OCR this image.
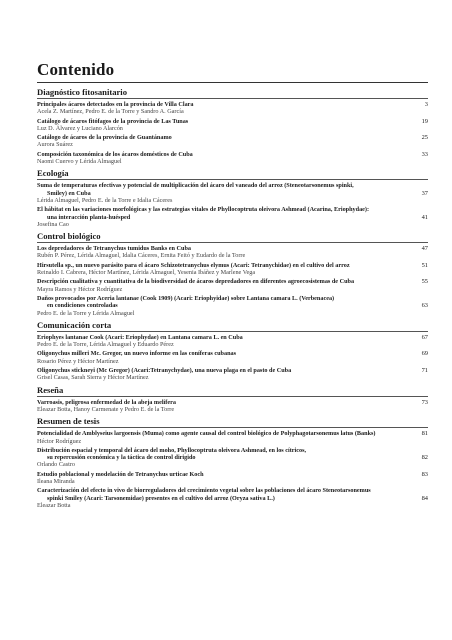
Contenido
Diagnóstico fitosanitario
Principales ácaros detectados en la provincia de Villa Clara
Acela Z. Martínez, Pedro E. de la Torre y Sandro A. García
3
Catálogo de ácaros fitófagos de la provincia de Las Tunas
Luz D. Álvarez y Luciano Alarcón
19
Catálogo de ácaros de la provincia de Guantánamo
Aurora Suárez
25
Composición taxonómica de los ácaros domésticos de Cuba
Naomi Cuervo y Lérida Almaguel
33
Ecología
Suma de temperaturas efectivas y potencial de multiplicación del ácaro del vaneado del arroz (Steneotarsonemus spinki,
Smiley) en Cuba
Lérida Almaguel, Pedro E. de la Torre e Idalia Cáceres
37
El hábitat en las variaciones morfológicas y las estrategias vitales de Phyllocoptruta oleivora Ashmead (Acarina, Eriophydae):
una interacción planta-huésped
Josefina Cao
41
Control biológico
Los depredadores de Tetranychus tumidus Banks en Cuba
Rubén P. Pérez, Lérida Almaguel, Idalia Cáceres, Ernita Feitó y Eudardo de la Torre
47
Hirsutella sp., un nuevo parásito para el ácaro Schizotetranychus elymus (Acari: Tetranychidae) en el cultivo del arroz
Reinaldo I. Cabrera, Héctor Martínez, Lérida Almaguel, Yesenia Ibáñez y Marlene Vega
51
Descripción cualitativa y cuantitativa de la biodiversidad de ácaros depredadores en diferentes agroecosistemas de Cuba
Mayra Ramos y Héctor Rodríguez
55
Daños provocados por Aceria lantanae (Cook 1909) (Acari: Eriophyidae) sobre Lantana camara L. (Verbenacea)
en condiciones controladas
Pedro E. de la Torre y Lérida Almaguel
63
Comunicación corta
Eriophyes lantanae Cook (Acari: Eriophydae) en Lantana camara L. en Cuba
Pedro E. de la Torre, Lérida Almaguel y Eduardo Pérez
67
Oligonychus milleri Mc. Gregor, un nuevo informe en las coníferas cubanas
Rosario Pérez y Héctor Martínez
69
Oligonychus stickneyi (Mc Gregor) (Acari:Tetranychydae), una nueva plaga en el pasto de Cuba
Grisel Casas, Sarah Sierra y Héctor Martínez
71
Reseña
Varroasis, peligrosa enfermedad de la abeja melífera
Eleazar Botta, Hanoy Carmenate y Pedro E. de la Torre
73
Resumen de tesis
Potencialidad de Amblyseius largoensis (Muma) como agente causal del control biológico de Polyphagotarsonemus latus (Banks)
Héctor Rodríguez
81
Distribución espacial y temporal del ácaro del moho, Phyllocoptruta oleivora Ashmead, en los cítricos,
su repercusión económica y la táctica de control dirigido
Orlando Castro
82
Estudio poblacional y modelación de Tetranychus urticae Koch
Ileana Miranda
83
Caracterización del efecto in vivo de biorreguladores del crecimiento vegetal sobre las poblaciones del ácaro Steneotarsonemus
spinki Smiley (Acari: Tarsonemidae) presentes en el cultivo del arroz (Oryza sativa L.)
Eleazar Botta
84
